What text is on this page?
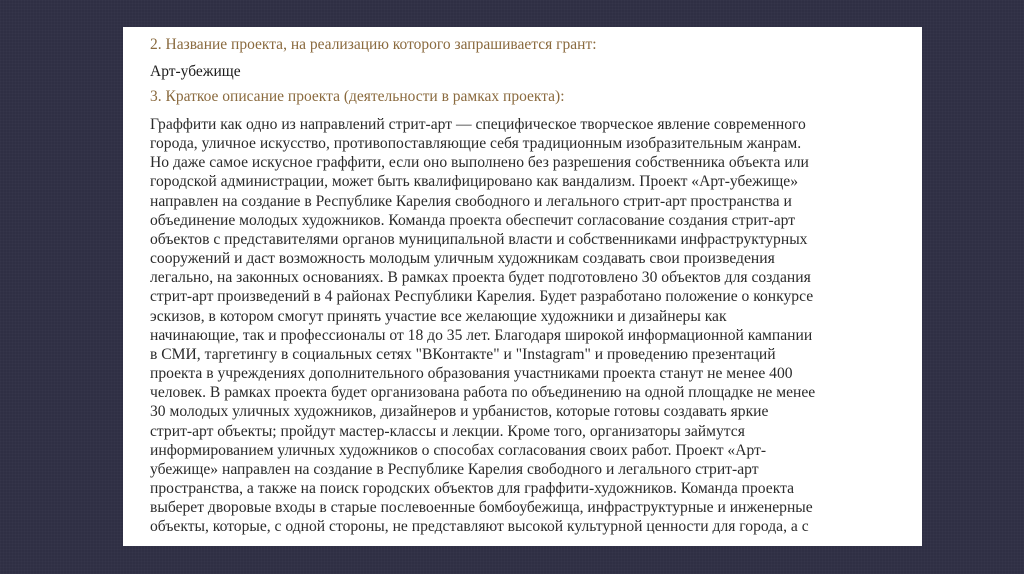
2. Название проекта, на реализацию которого запрашивается грант:

Арт-убежище

3. Краткое описание проекта (деятельности в рамках проекта):

Граффити как одно из направлений стрит-арт — специфическое творческое явление современного
города, уличное искусство, противопоставляющие себя традиционным изобразительным жанрам.
Но даже самое искусное граффити, если оно выполнено без разрешения собственника объекта или
городской администрации, может быть квалифицировано как вандализм. Проект «Арт-убежище»
направлен на создание в Республике Карелия свободного и легального стрит-арт пространства и
объединение молодых художников. Команда проекта обеспечит согласование создания стрит-арт
объектов с представителями органов муниципальной власти и собственниками инфраструктурных
сооружений и даст возможность молодым уличным художникам создавать свои произведения
легально, на законных основаниях. В рамках проекта будет подготовлено 30 объектов для создания
стрит-арт произведений в 4 районах Республики Карелия. Будет разработано положение о конкурсе
эскизов, в котором смогут принять участие все желающие художники и дизайнеры как
начинающие, так и профессионалы от 18 до 35 лет. Благодаря широкой информационной кампании
в СМИ, таргетингу в социальных сетях "ВКонтакте" и "Instagram" и проведению презентаций
проекта в учреждениях дополнительного образования участниками проекта станут не менее 400
человек. В рамках проекта будет организована работа по объединению на одной площадке не менее
30 молодых уличных художников, дизайнеров и урбанистов, которые готовы создавать яркие
стрит-арт объекты; пройдут мастер-классы и лекции. Кроме того, организаторы займутся
информированием уличных художников о способах согласования своих работ. Проект «Арт-
убежище» направлен на создание в Республике Карелия свободного и легального стрит-арт
пространства, а также на поиск городских объектов для граффити-художников. Команда проекта
выберет дворовые входы в старые послевоенные бомбоубежища, инфраструктурные и инженерные
объекты, которые, с одной стороны, не представляют высокой культурной ценности для города, а с
